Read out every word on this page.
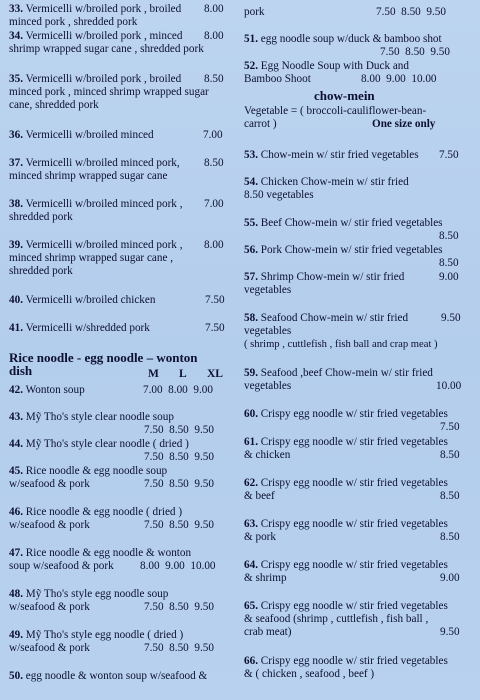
33. Vermicelli w/broiled pork , broiled
minced pork , shredded pork
8.00
34. Vermicelli w/broiled pork , minced
shrimp wrapped sugar cane , shredded pork
8.00
35. Vermicelli w/broiled pork , broiled
minced pork , minced shrimp wrapped sugar
cane, shredded pork
8.50
36. Vermicelli w/broiled minced	7.00
37. Vermicelli w/broiled minced pork,
minced shrimp wrapped sugar cane
8.50
38. Vermicelli w/broiled minced pork ,
shredded pork
7.00
39. Vermicelli w/broiled minced pork ,
minced shrimp wrapped sugar cane ,
shredded pork
8.00
40. Vermicelli w/broiled chicken	7.50
41. Vermicelli w/shredded pork	7.50
Rice noodle - egg noodle – wonton
dish	M L XL
42. Wonton soup	7.00  8.00  9.00
43. Mỹ Tho's style clear noodle soup
7.50  8.50  9.50
44. Mỹ Tho's style clear noodle ( dried )
7.50  8.50  9.50
45. Rice noodle & egg noodle soup
w/seafood & pork	7.50  8.50  9.50
46. Rice noodle & egg noodle ( dried )
w/seafood & pork	7.50  8.50  9.50
47. Rice noodle & egg noodle & wonton
soup w/seafood & pork	8.00  9.00  10.00
48. Mỹ Tho's style egg noodle soup
w/seafood & pork	7.50  8.50  9.50
49. Mỹ Tho's style egg noodle ( dried )
w/seafood & pork	7.50  8.50  9.50
50. egg noodle & wonton soup w/seafood &
pork	7.50  8.50  9.50
51. egg noodle soup w/duck & bamboo shot
7.50  8.50  9.50
52. Egg Noodle Soup with Duck and
Bamboo Shoot	8.00  9.00  10.00
chow-mein
Vegetable = ( broccoli-cauliflower-bean-
carrot )	One size only
53. Chow-mein w/ stir fried vegetables	7.50
54. Chicken Chow-mein w/ stir fried
8.50 vegetables
55. Beef Chow-mein w/ stir fried vegetables
8.50
56. Pork Chow-mein w/ stir fried vegetables
8.50
57. Shrimp Chow-mein w/ stir fried
vegetables
9.00
58. Seafood Chow-mein w/ stir fried
vegetables
( shrimp , cuttlefish , fish ball and crap meat )
9.50
59. Seafood ,beef Chow-mein w/ stir fried
vegetables	10.00
60. Crispy egg noodle w/ stir fried vegetables
7.50
61. Crispy egg noodle w/ stir fried vegetables
& chicken	8.50
62. Crispy egg noodle w/ stir fried vegetables
& beef	8.50
63. Crispy egg noodle w/ stir fried vegetables
& pork	8.50
64. Crispy egg noodle w/ stir fried vegetables
& shrimp	9.00
65. Crispy egg noodle w/ stir fried vegetables
& seafood (shrimp , cuttlefish , fish ball ,
crab meat)	9.50
66. Crispy egg noodle w/ stir fried vegetables
& ( chicken , seafood , beef )
